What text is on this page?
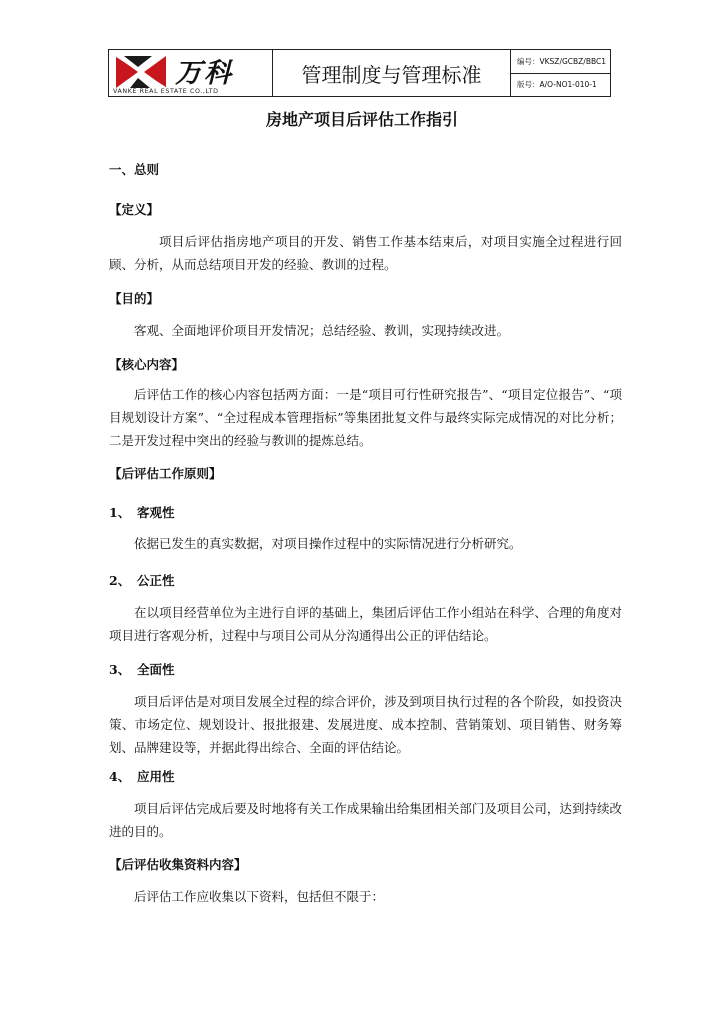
万科
VANKE REAL ESTATE CO.,LTD
管理制度与管理标准
编号：VKSZ/GCBZ/BBC1
版号：A/O-NO1-010-1
房地产项目后评估工作指引
一、总则
【定义】
项目后评估指房地产项目的开发、销售工作基本结束后，对项目实施全过程进行回顾、分析，从而总结项目开发的经验、教训的过程。
【目的】
客观、全面地评价项目开发情况；总结经验、教训，实现持续改进。
【核心内容】
后评估工作的核心内容包括两方面：一是“项目可行性研究报告”、“项目定位报告”、“项目规划设计方案”、“全过程成本管理指标”等集团批复文件与最终实际完成情况的对比分析；二是开发过程中突出的经验与教训的提炼总结。
【后评估工作原则】
1、 客观性
依据已发生的真实数据，对项目操作过程中的实际情况进行分析研究。
2、 公正性
在以项目经营单位为主进行自评的基础上，集团后评估工作小组站在科学、合理的角度对项目进行客观分析，过程中与项目公司从分沟通得出公正的评估结论。
3、 全面性
项目后评估是对项目发展全过程的综合评价，涉及到项目执行过程的各个阶段，如投资决策、市场定位、规划设计、报批报建、发展进度、成本控制、营销策划、项目销售、财务筹划、品牌建设等，并据此得出综合、全面的评估结论。
4、 应用性
项目后评估完成后要及时地将有关工作成果输出给集团相关部门及项目公司，达到持续改进的目的。
【后评估收集资料内容】
后评估工作应收集以下资料，包括但不限于：
